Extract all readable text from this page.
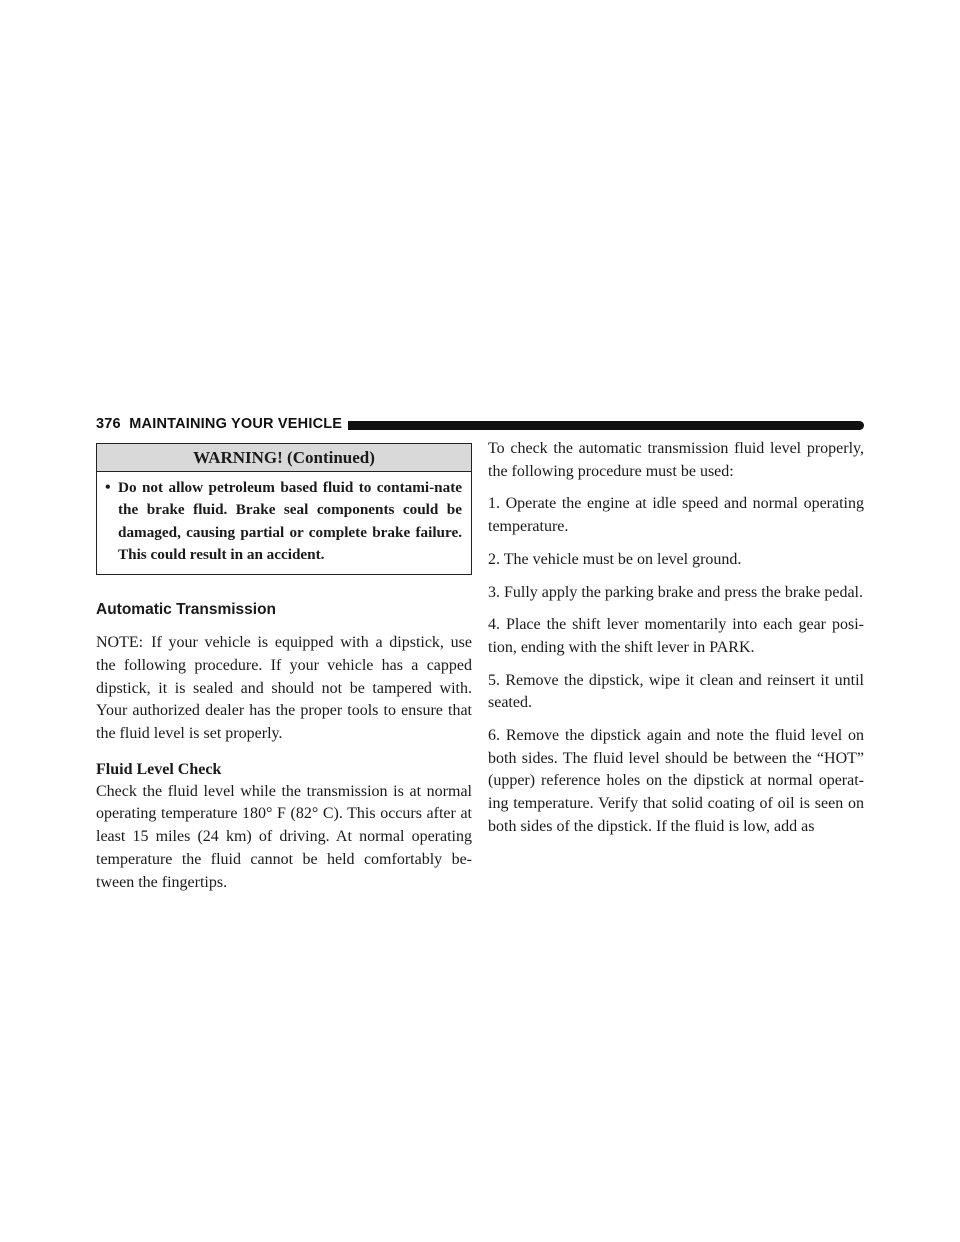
376 MAINTAINING YOUR VEHICLE
WARNING! (Continued)
• Do not allow petroleum based fluid to contami-nate the brake fluid. Brake seal components could be damaged, causing partial or complete brake failure. This could result in an accident.

Automatic Transmission

NOTE: If your vehicle is equipped with a dipstick, use the following procedure. If your vehicle has a capped dipstick, it is sealed and should not be tampered with. Your authorized dealer has the proper tools to ensure that the fluid level is set properly.

Fluid Level Check

Check the fluid level while the transmission is at normal operating temperature 180° F (82° C). This occurs after at least 15 miles (24 km) of driving. At normal operating temperature the fluid cannot be held comfortably be-tween the fingertips.

To check the automatic transmission fluid level properly, the following procedure must be used:

1. Operate the engine at idle speed and normal operating temperature.

2. The vehicle must be on level ground.

3. Fully apply the parking brake and press the brake pedal.

4. Place the shift lever momentarily into each gear posi-tion, ending with the shift lever in PARK.

5. Remove the dipstick, wipe it clean and reinsert it until seated.

6. Remove the dipstick again and note the fluid level on both sides. The fluid level should be between the “HOT” (upper) reference holes on the dipstick at normal operat-ing temperature. Verify that solid coating of oil is seen on both sides of the dipstick. If the fluid is low, add as
